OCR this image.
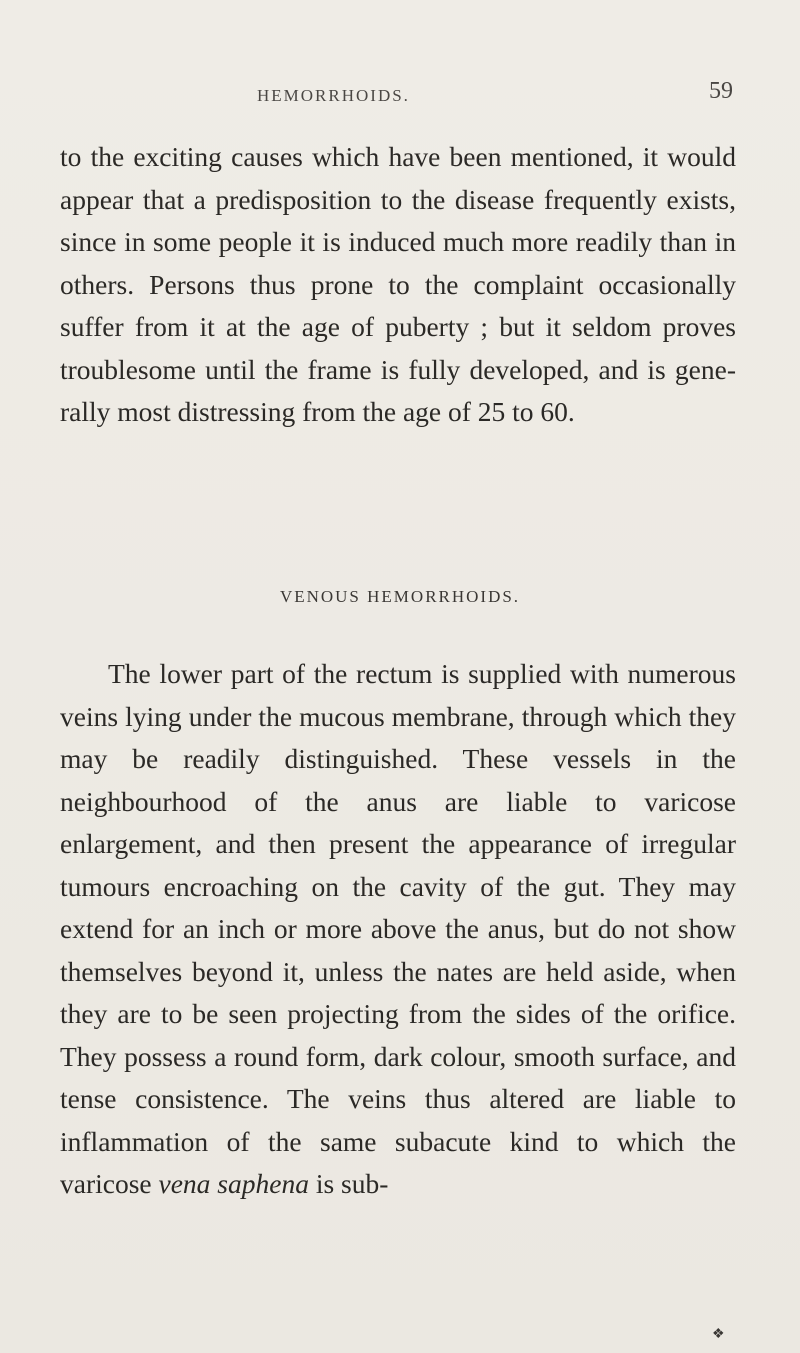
HEMORRHOIDS.	59

to the exciting causes which have been mentioned, it would appear that a predisposition to the disease frequently exists, since in some people it is induced much more readily than in others. Persons thus prone to the complaint occasionally suffer from it at the age of puberty ; but it seldom proves troublesome until the frame is fully developed, and is generally most distressing from the age of 25 to 60.

VENOUS HEMORRHOIDS.

The lower part of the rectum is supplied with numerous veins lying under the mucous membrane, through which they may be readily distinguished. These vessels in the neighbourhood of the anus are liable to varicose enlargement, and then present the appearance of irregular tumours encroaching on the cavity of the gut. They may extend for an inch or more above the anus, but do not show themselves beyond it, unless the nates are held aside, when they are to be seen projecting from the sides of the orifice. They possess a round form, dark colour, smooth surface, and tense consistence. The veins thus altered are liable to inflammation of the same subacute kind to which the varicose vena saphena is sub-

❖
